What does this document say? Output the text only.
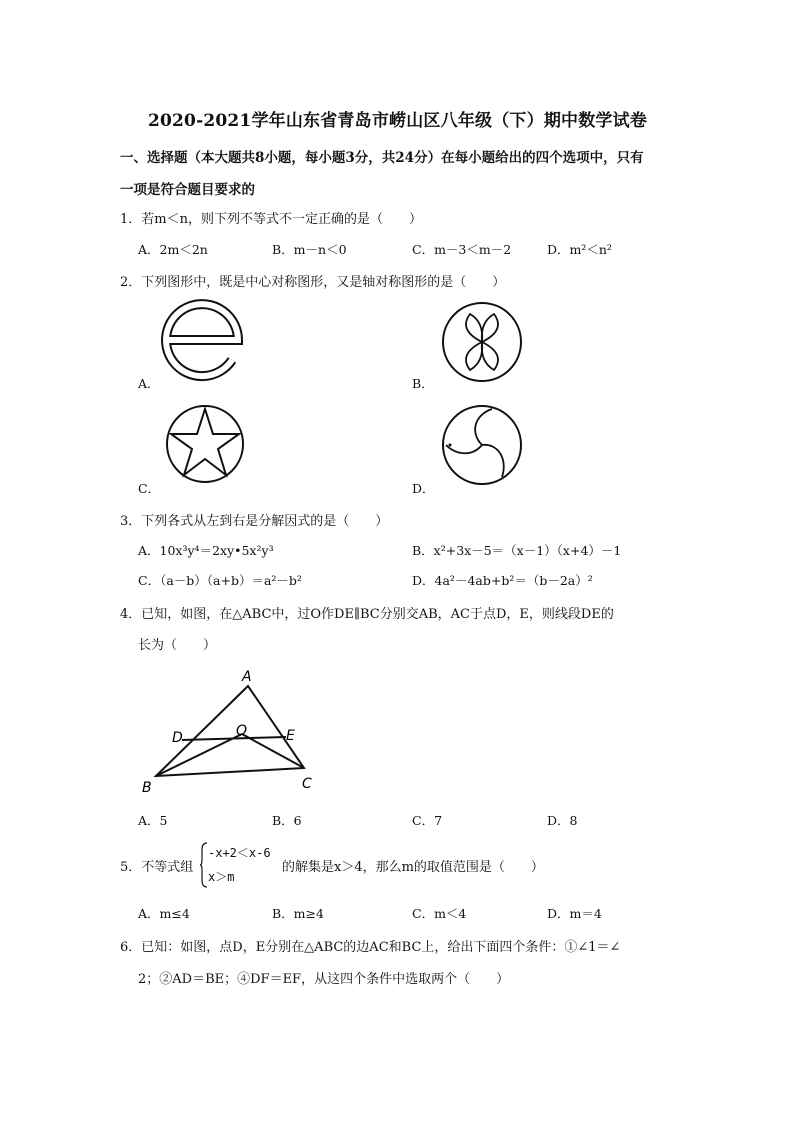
2020-2021学年山东省青岛市崂山区八年级（下）期中数学试卷
一、选择题（本大题共8小题，每小题3分，共24分）在每小题给出的四个选项中，只有
一项是符合题目要求的
1．若m＜n，则下列不等式不一定正确的是（　　）
A．2m＜2n	B．m－n＜0	C．m－3＜m－2	D．m²＜n²
2．下列图形中，既是中心对称图形，又是轴对称图形的是（　　）
A．	B．
C．	D．
3．下列各式从左到右是分解因式的是（　　）
A．10x³y⁴＝2xy•5x²y³	B．x²+3x－5＝（x－1）（x+4）－1
C．（a－b）（a+b）＝a²－b²	D．4a²－4ab+b²＝（b－2a）²
4．已知，如图，在△ABC中，过O作DE∥BC分别交AB，AC于点D，E，则线段DE的
长为（　　）
A
D	O	E
B	C
A．5	B．6	C．7	D．8
5．不等式组
-x+2＜x-6
x＞m
的解集是x＞4，那么m的取值范围是（　　）
A．m≤4	B．m≥4	C．m＜4	D．m＝4
6．已知：如图，点D，E分别在△ABC的边AC和BC上，给出下面四个条件：①∠1＝∠
2；②AD＝BE；④DF＝EF，从这四个条件中选取两个（　　）
